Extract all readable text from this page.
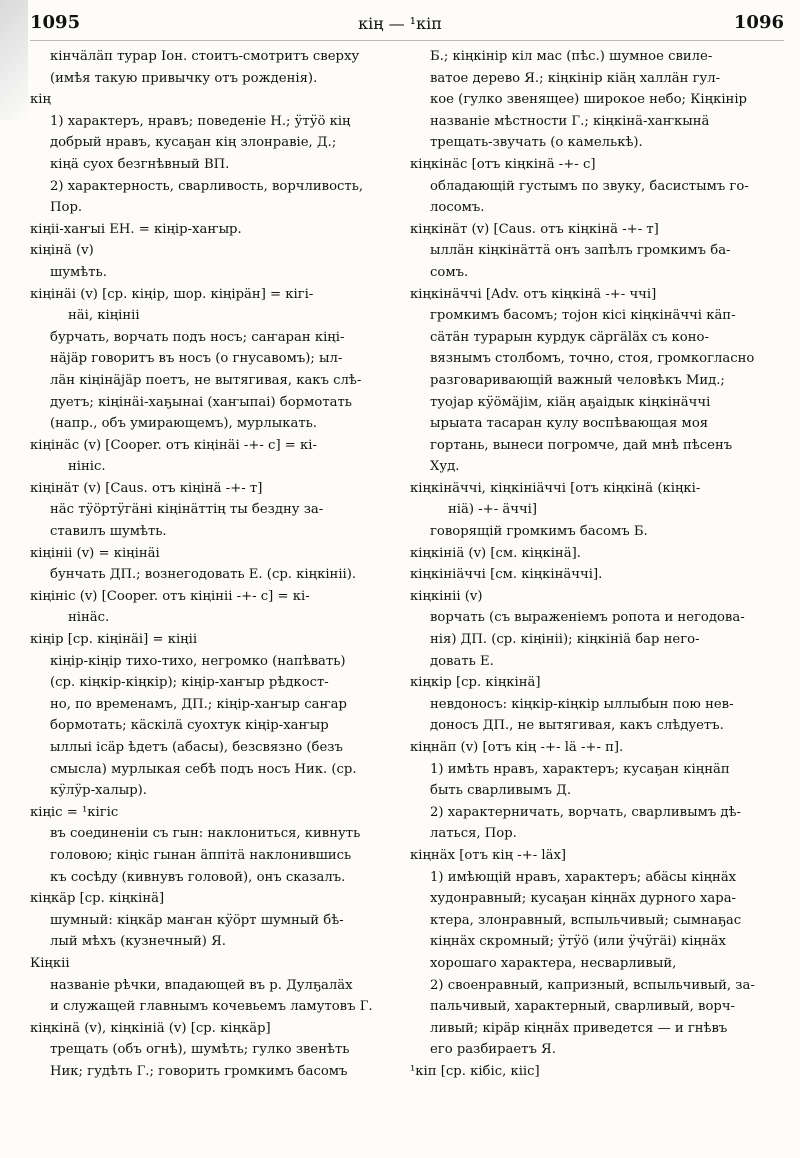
1095	кiң — ¹кiп	1096
кiнчäлäп турар Іон. стоитъ-смотритъ сверху
(имѣя такую привычку отъ рожденія).
кiң
1) характеръ, нравъ; поведеніе Н.; ӱтӱö кiң
добрый нравъ, кусаҕан кiң злонравіе, Д.;
кiңä суох безгнѣвный ВП.
2) характерность, сварливость, ворчливость,
Пор.
кiңii-хаҥыi ЕН. = кiңiр-хаҥыр.
кiңiнä (v)
шумѣть.
кiңiнäi (v) [ср. кiңiр, шор. кiңiрäн] = кiгi-
нäi, кiңiнii
бурчать, ворчать подъ носъ; саҥаран кiңi-
нäjäр говоритъ въ носъ (о гнусавомъ); ыл-
лäн кiңiнäjäр поетъ, не вытягивая, какъ слѣ-
дуетъ; кiңiнäi-хаҕынаi (хаҥыпаi) бормотать
(напр., объ умирающемъ), мурлыкать.
кiңiнäс (v) [Cooper. отъ кiңiнäi -+- с] = кi-
нiнiс.
кiңiнäт (v) [Caus. отъ кiңiнä -+- т]
нäс тӱöртӱгäні кiңiнäттiң ты бездну за-
ставилъ шумѣть.
кiңiнii (v) = кiңiнäi
бунчать ДП.; вознегодовать Е. (ср. кiңкiнii).
кiңiнiс (v) [Cooper. отъ кiңiнii -+- с] = кi-
нiнäс.
кiңiр [ср. кiңiнäi] = кiңii
кiңiр-кiңiр тихо-тихо, негромко (напѣвать)
(ср. кiңкiр-кiңкiр); кiңiр-хаҥыр рѣдкост-
но, по временамъ, ДП.; кiңiр-хаҥыр саҥар
бормотать; кäскiлä суохтук кiңiр-хаҥыр
ыллыi iсäр ѣдетъ (абасы), безсвязно (безъ
смысла) мурлыкая себѣ подъ носъ Ник. (ср.
кӱлӱр-халыр).
кiңiс = ¹кiгiс
въ соединеніи съ гын: наклониться, кивнуть
головою; кiңiс гынан äппiтä наклонившись
къ сосѣду (кивнувъ головой), онъ сказалъ.
кiңкäр [ср. кiңкiнä]
шумный: кiңкäр маҥан кӱöрт шумный бѣ-
лый мѣхъ (кузнечный) Я.
Кiңкii
названіе рѣчки, впадающей въ р. Дулҕалäх
и служащей главнымъ кочевьемъ ламутовъ Г.
кiңкiнä (v), кiңкiнiä (v) [ср. кiңкäр]
трещать (объ огнѣ), шумѣть; гулко звенѣть
Ник; гудѣть Г.; говорить громкимъ басомъ
Б.; кiңкiнiр кiл мас (пѣс.) шумное свиле-
ватое дерево Я.; кiңкiнiр кiäң халлäн гул-
кое (гулко звенящее) широкое небо; Кiңкiнiр
названіе мѣстности Г.; кiңкiнä-хаҥкынä
трещать-звучать (о камелькѣ).
кiңкiнäс [отъ кiңкiнä -+- с]
обладающiй густымъ по звуку, басистымъ го-
лосомъ.
кiңкiнäт (v) [Caus. отъ кiңкiнä -+- т]
ыллäн кiңкiнäттä онъ запѣлъ громкимъ ба-
сомъ.
кiңкiнäччi [Adv. отъ кiңкiнä -+- ччi]
громкимъ басомъ; тоjон кiсi кiңкiнäччi кäп-
сäтäн турарын курдук сäргäläх съ коно-
вязнымъ столбомъ, точно, стоя, громкогласно
разговаривающiй важный человѣкъ Мид.;
туоjар кӱöмäjiм, кiäң аҕаiдык кiңкiнäччi
ырыата тасаран кулу воспѣвающая моя
гортань, вынеси погромче, дай мнѣ пѣсенъ
Худ.
кiңкiнäччi, кiңкiнiäччi [отъ кiңкiнä (кiңкi-
нiä) -+- äччi]
говорящiй громкимъ басомъ Б.
кiңкiнiä (v) [см. кiңкiнä].
кiңкiнiäччi [см. кiңкiнäччi].
кiңкiнii (v)
ворчать (съ выраженіемъ ропота и негодова-
нія) ДП. (ср. кiңiнii); кiңкiнiä бар него-
довать Е.
кiңкiр [ср. кiңкiнä]
невдоносъ: кiңкiр-кiңкiр ыллыбын пою нев-
доносъ ДП., не вытягивая, какъ слѣдуетъ.
кiңнäп (v) [отъ кiң -+- lä -+- п].
1) имѣть нравъ, характеръ; кусаҕан кiңнäп
быть сварливымъ Д.
2) характерничать, ворчать, сварливымъ дѣ-
латься, Пор.
кiңнäх [отъ кiң -+- läх]
1) имѣющiй нравъ, характеръ; абäсы кiңнäх
худонравный; кусаҕан кiңнäх дурного хара-
ктера, злонравный, вспыльчивый; сымнаҕас
кiңнäх скромный; ӱтӱö (или ӱчӱгäi) кiңнäх
хорошаго характера, несварливый,
2) своенравный, капризный, вспыльчивый, за-
пальчивый, характерный, сварливый, ворч-
ливый; кiрäр кiңнäх приведется — и гнѣвъ
его разбираетъ Я.
¹кiп [ср. кiбiс, кiiс]
